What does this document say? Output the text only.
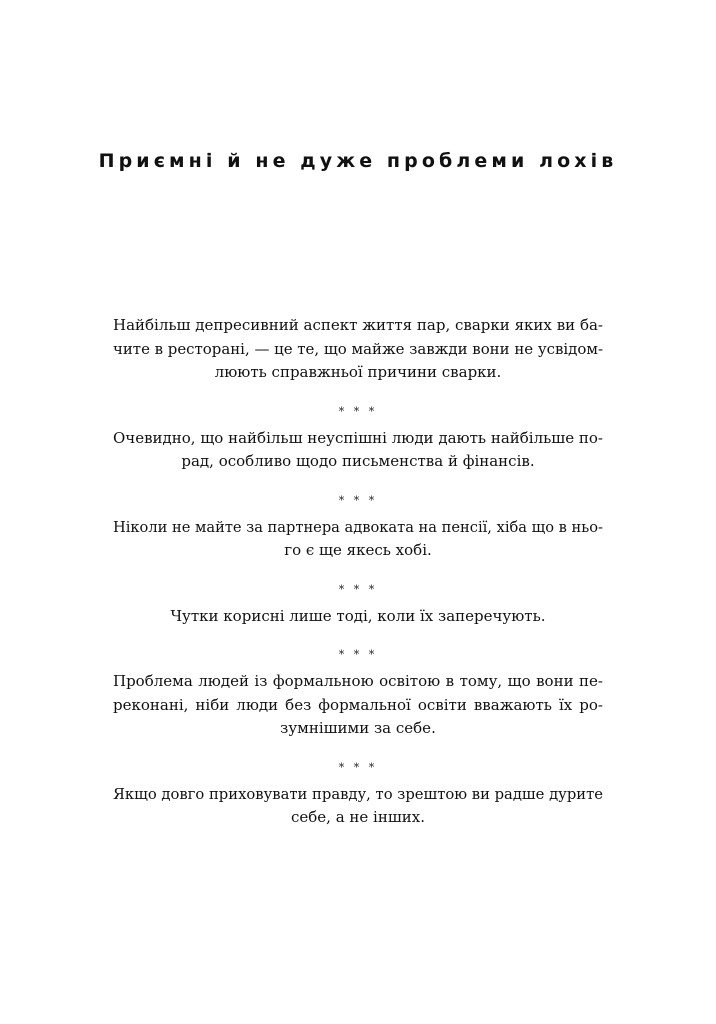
Приємні й не дуже проблеми лохів

Найбільш депресивний аспект життя пар, сварки яких ви ба-
чите в ресторані, — це те, що майже завжди вони не усвідом-
люють справжньої причини сварки.

* * *

Очевидно, що найбільш неуспішні люди дають найбільше по-
рад, особливо щодо письменства й фінансів.

* * *

Ніколи не майте за партнера адвоката на пенсії, хіба що в ньо-
го є ще якесь хобі.

* * *

Чутки корисні лише тоді, коли їх заперечують.

* * *

Проблема людей із формальною освітою в тому, що вони пе-
реконані, ніби люди без формальної освіти вважають їх ро-
зумнішими за себе.

* * *

Якщо довго приховувати правду, то зрештою ви радше дурите
себе, а не інших.
